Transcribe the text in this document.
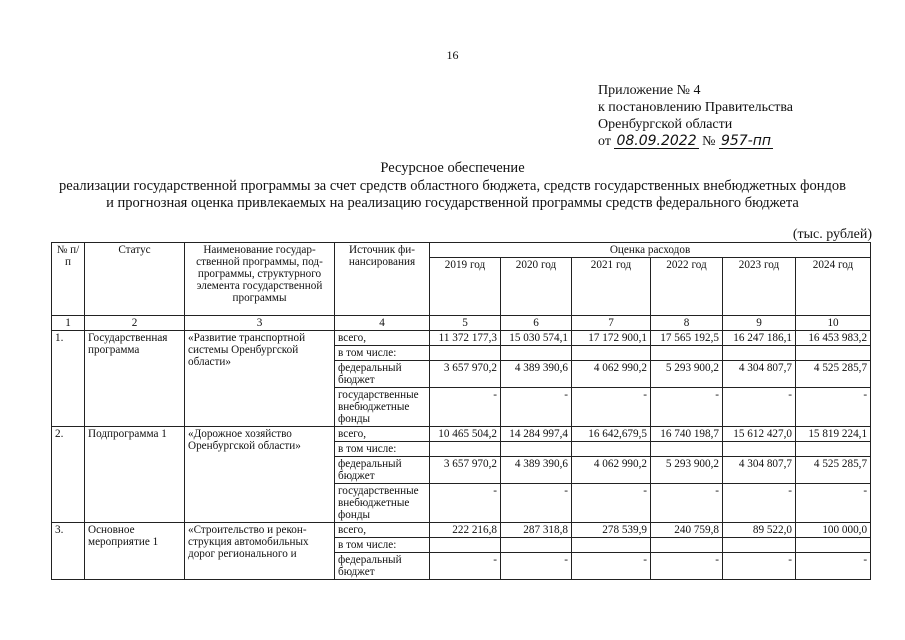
16
Приложение № 4
к постановлению Правительства
Оренбургской области
от 08.09.2022 № 957-пп
Ресурсное обеспечение
реализации государственной программы за счет средств областного бюджета, средств государственных внебюджетных фондов
и прогнозная оценка привлекаемых на реализацию государственной программы средств федерального бюджета
(тыс. рублей)
№ п/п	Статус	Наименование государ-ственной программы, под-программы, структурного элемента государственной программы	Источник фи-нансирования	Оценка расходов					
				2019 год	2020 год	2021 год	2022 год	2023 год	2024 год
1	2	3	4	5	6	7	8	9	10
1.	Государственная программа	«Развитие транспортной системы Оренбургской области»	всего,	11 372 177,3	15 030 574,1	17 172 900,1	17 565 192,5	16 247 186,1	16 453 983,2
			в том числе:						
			федеральный бюджет	3 657 970,2	4 389 390,6	4 062 990,2	5 293 900,2	4 304 807,7	4 525 285,7
			государственные внебюджетные фонды	-	-	-	-	-	-
2.	Подпрограмма 1	«Дорожное хозяйство Оренбургской области»	всего,	10 465 504,2	14 284 997,4	16 642,679,5	16 740 198,7	15 612 427,0	15 819 224,1
			в том числе:						
			федеральный бюджет	3 657 970,2	4 389 390,6	4 062 990,2	5 293 900,2	4 304 807,7	4 525 285,7
			государственные внебюджетные фонды	-	-	-	-	-	-
3.	Основное мероприятие 1	«Строительство и рекон-струкция автомобильных дорог регионального и	всего,	222 216,8	287 318,8	278 539,9	240 759,8	89 522,0	100 000,0
			в том числе:						
			федеральный бюджет	-	-	-	-	-	-
